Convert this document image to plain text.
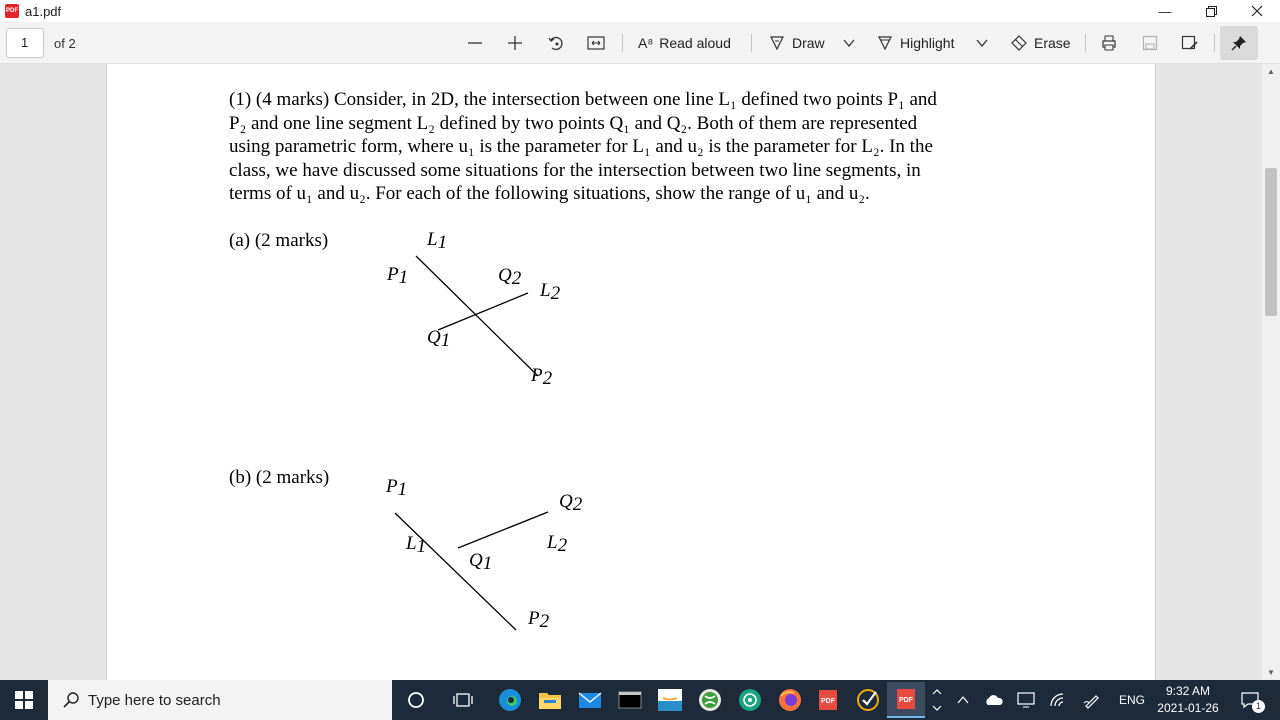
PDF a1.pdf	—
1	of 2	A⁸ Read aloud	Draw	Highlight	Erase
(1) (4 marks) Consider, in 2D, the intersection between one line L₁ defined two points P₁ and
P₂ and one line segment L₂ defined by two points Q₁ and Q₂. Both of them are represented
using parametric form, where u₁ is the parameter for L₁ and u₂ is the parameter for L₂. In the
class, we have discussed some situations for the intersection between two line segments, in
terms of u₁ and u₂. For each of the following situations, show the range of u₁ and u₂.
(a) (2 marks)
(b) (2 marks)
L1
P1	Q2
L2
Q1
P2
P1
Q2
L1	L2
Q1
P2
▲
▼
Type here to search	PDF	PDF	ENG
9:32 AM
2021-01-26	1
